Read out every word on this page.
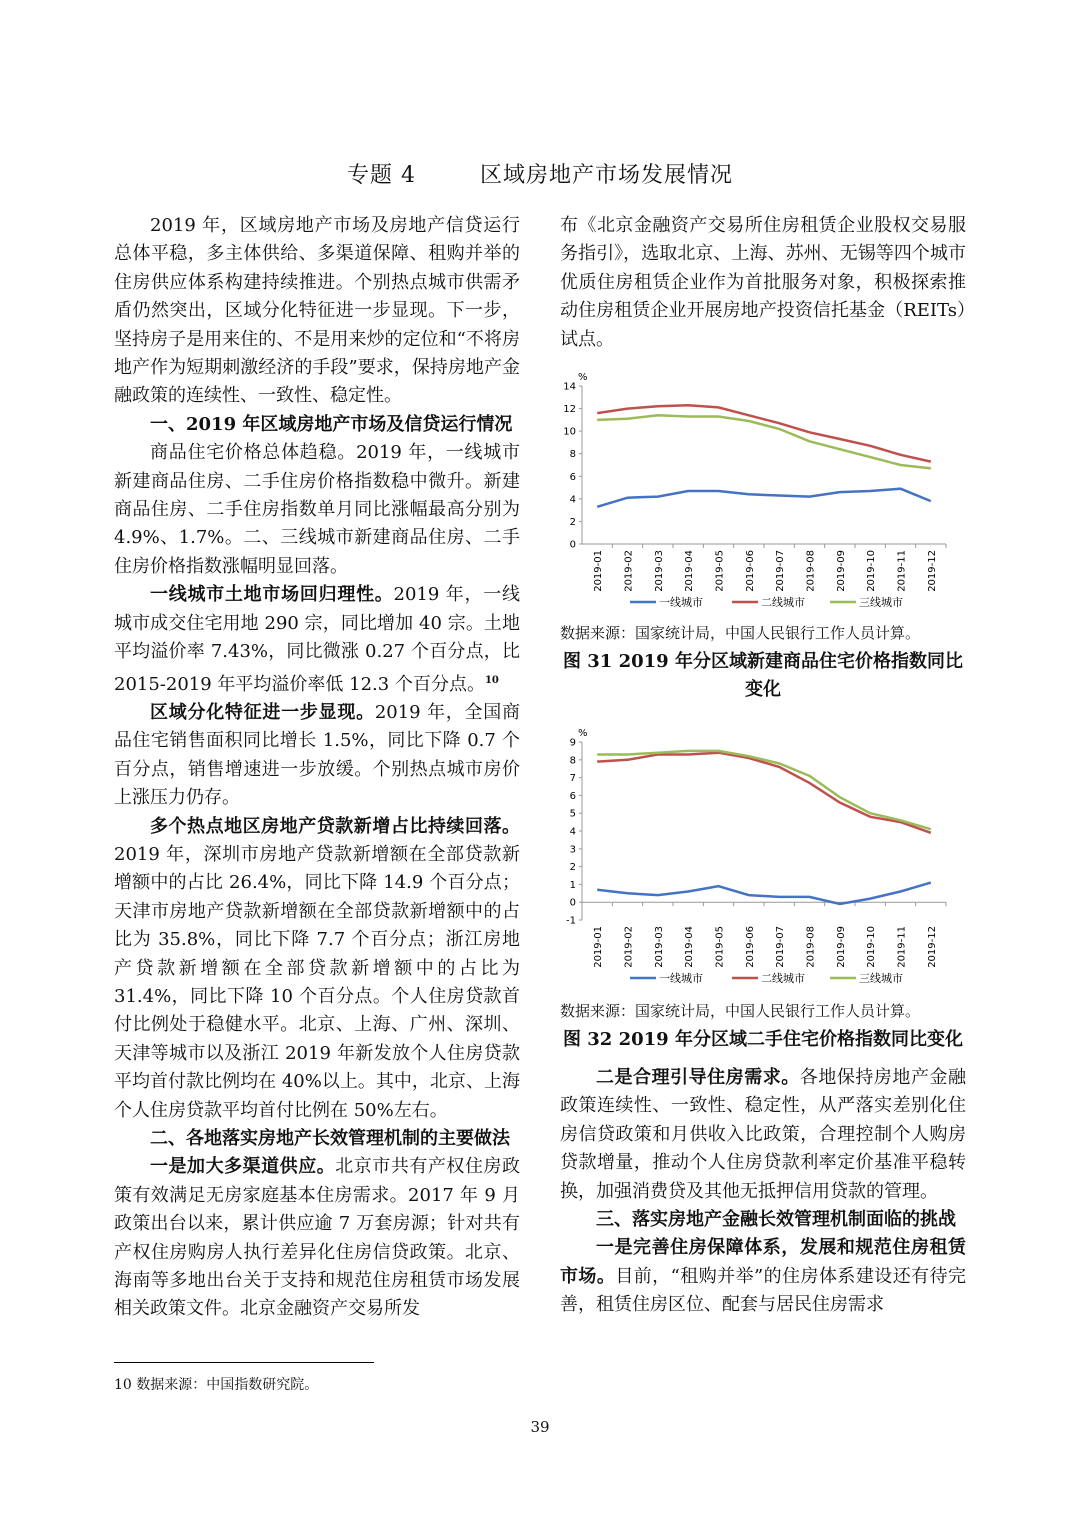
专题 4	区域房地产市场发展情况

2019 年，区域房地产市场及房地产信贷运行总体平稳，多主体供给、多渠道保障、租购并举的住房供应体系构建持续推进。个别热点城市供需矛盾仍然突出，区域分化特征进一步显现。下一步，坚持房子是用来住的、不是用来炒的定位和“不将房地产作为短期刺激经济的手段”要求，保持房地产金融政策的连续性、一致性、稳定性。

一、2019 年区域房地产市场及信贷运行情况

商品住宅价格总体趋稳。2019 年，一线城市新建商品住房、二手住房价格指数稳中微升。新建商品住房、二手住房指数单月同比涨幅最高分别为 4.9%、1.7%。二、三线城市新建商品住房、二手住房价格指数涨幅明显回落。

一线城市土地市场回归理性。2019 年，一线城市成交住宅用地 290 宗，同比增加 40 宗。土地平均溢价率 7.43%，同比微涨 0.27 个百分点，比 2015-2019 年平均溢价率低 12.3 个百分点。$^{10}$

区域分化特征进一步显现。2019 年，全国商品住宅销售面积同比增长 1.5%，同比下降 0.7 个百分点，销售增速进一步放缓。个别热点城市房价上涨压力仍存。

多个热点地区房地产贷款新增占比持续回落。2019 年，深圳市房地产贷款新增额在全部贷款新增额中的占比 26.4%，同比下降 14.9 个百分点；天津市房地产贷款新增额在全部贷款新增额中的占比为 35.8%，同比下降 7.7 个百分点；浙江房地产贷款新增额在全部贷款新增额中的占比为 31.4%，同比下降 10 个百分点。个人住房贷款首付比例处于稳健水平。北京、上海、广州、深圳、天津等城市以及浙江 2019 年新发放个人住房贷款平均首付款比例均在 40%以上。其中，北京、上海个人住房贷款平均首付比例在 50%左右。

二、各地落实房地产长效管理机制的主要做法

一是加大多渠道供应。北京市共有产权住房政策有效满足无房家庭基本住房需求。2017 年 9 月政策出台以来，累计供应逾 7 万套房源；针对共有产权住房购房人执行差异化住房信贷政策。北京、海南等多地出台关于支持和规范住房租赁市场发展相关政策文件。北京金融资产交易所发

布《北京金融资产交易所住房租赁企业股权交易服务指引》，选取北京、上海、苏州、无锡等四个城市优质住房租赁企业作为首批服务对象，积极探索推动住房租赁企业开展房地产投资信托基金（REITs）试点。

%
14
12
10
8
6
4
2
0
2019-01 2019-02 2019-03 2019-04 2019-05 2019-06 2019-07 2019-08 2019-09 2019-10 2019-11 2019-12
一线城市	二线城市	三线城市

数据来源：国家统计局，中国人民银行工作人员计算。

图 31 2019 年分区域新建商品住宅价格指数同比变化

%
9
8
7
6
5
4
3
2
1
0
-1
2019-01 2019-02 2019-03 2019-04 2019-05 2019-06 2019-07 2019-08 2019-09 2019-10 2019-11 2019-12
一线城市	二线城市	三线城市

数据来源：国家统计局，中国人民银行工作人员计算。

图 32 2019 年分区域二手住宅价格指数同比变化

二是合理引导住房需求。各地保持房地产金融政策连续性、一致性、稳定性，从严落实差别化住房信贷政策和月供收入比政策，合理控制个人购房贷款增量，推动个人住房贷款利率定价基准平稳转换，加强消费贷及其他无抵押信用贷款的管理。

三、落实房地产金融长效管理机制面临的挑战

一是完善住房保障体系，发展和规范住房租赁市场。目前，“租购并举”的住房体系建设还有待完善，租赁住房区位、配套与居民住房需求

10 数据来源：中国指数研究院。
39
